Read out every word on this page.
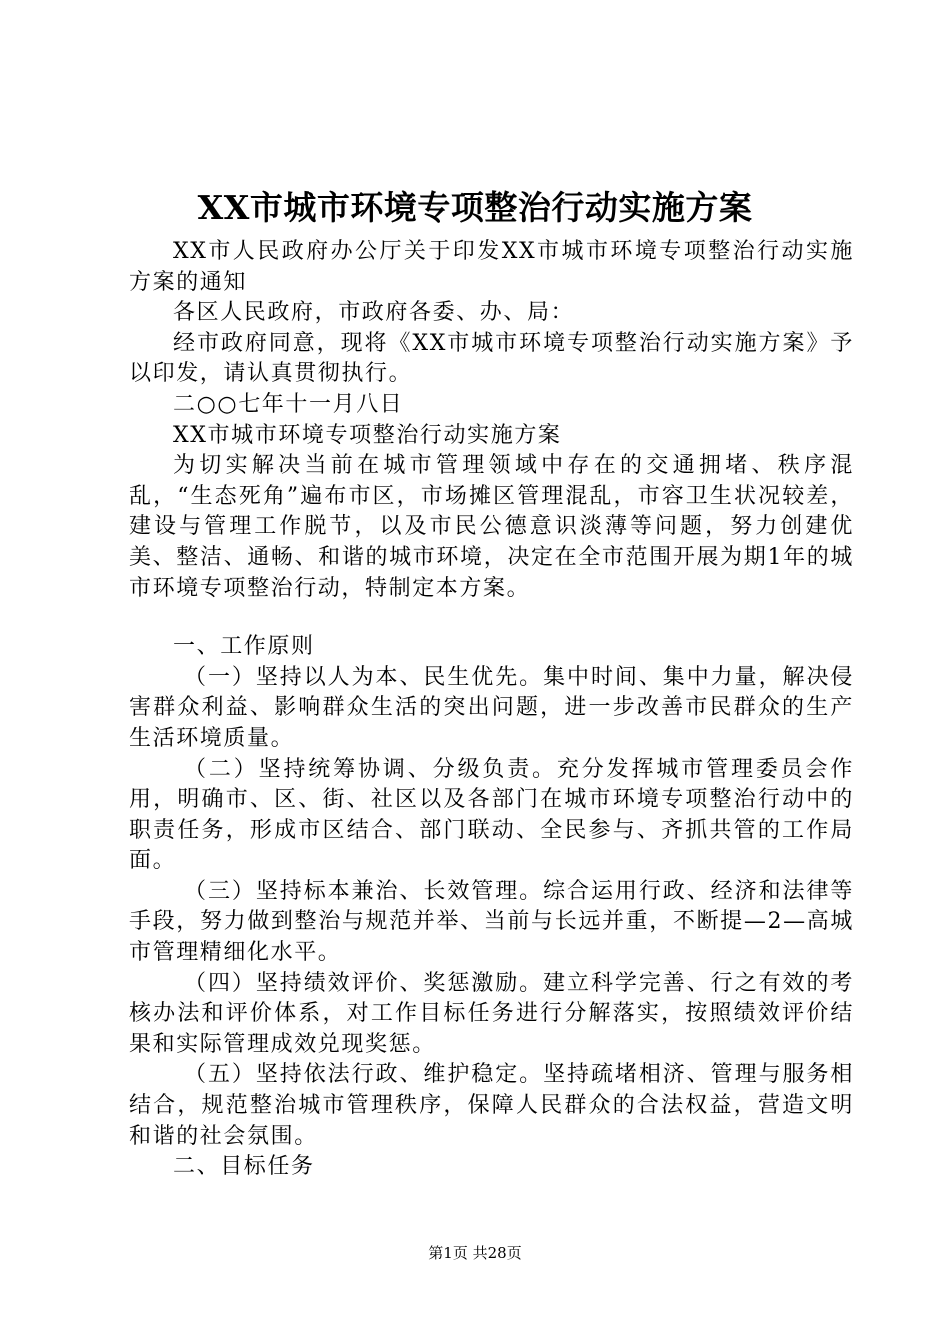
XX市城市环境专项整治行动实施方案

XX市人民政府办公厅关于印发XX市城市环境专项整治行动实施方案的通知

各区人民政府，市政府各委、办、局：

经市政府同意，现将《XX市城市环境专项整治行动实施方案》予以印发，请认真贯彻执行。

二○○七年十一月八日

XX市城市环境专项整治行动实施方案

为切实解决当前在城市管理领域中存在的交通拥堵、秩序混乱，“生态死角”遍布市区，市场摊区管理混乱，市容卫生状况较差，建设与管理工作脱节，以及市民公德意识淡薄等问题，努力创建优美、整洁、通畅、和谐的城市环境，决定在全市范围开展为期1年的城市环境专项整治行动，特制定本方案。

一、工作原则

（一）坚持以人为本、民生优先。集中时间、集中力量，解决侵害群众利益、影响群众生活的突出问题，进一步改善市民群众的生产生活环境质量。

（二）坚持统筹协调、分级负责。充分发挥城市管理委员会作用，明确市、区、街、社区以及各部门在城市环境专项整治行动中的职责任务，形成市区结合、部门联动、全民参与、齐抓共管的工作局面。

（三）坚持标本兼治、长效管理。综合运用行政、经济和法律等手段，努力做到整治与规范并举、当前与长远并重，不断提—2—高城市管理精细化水平。

（四）坚持绩效评价、奖惩激励。建立科学完善、行之有效的考核办法和评价体系，对工作目标任务进行分解落实，按照绩效评价结果和实际管理成效兑现奖惩。

（五）坚持依法行政、维护稳定。坚持疏堵相济、管理与服务相结合，规范整治城市管理秩序，保障人民群众的合法权益，营造文明和谐的社会氛围。

二、目标任务

第1页 共28页
